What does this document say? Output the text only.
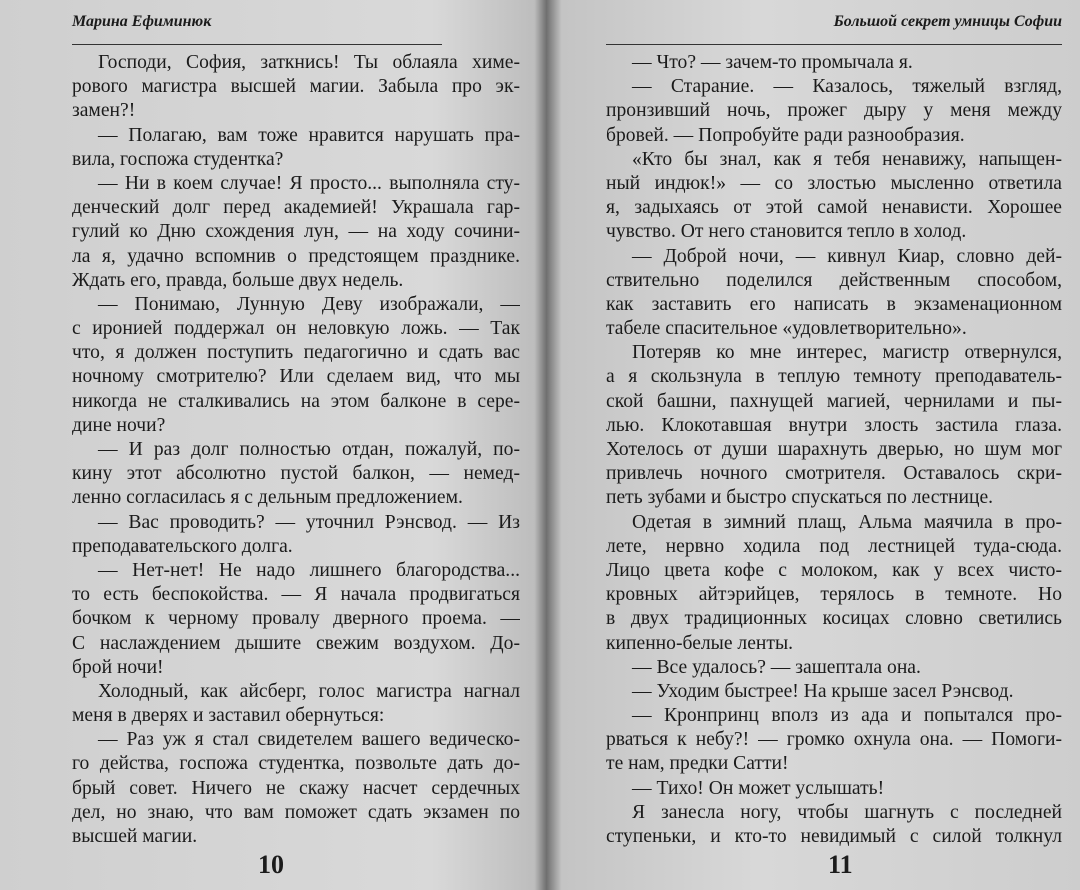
Марина Ефиминюк
Господи, София, заткнись! Ты облаяла химе-
рового магистра высшей магии. Забыла про эк-
замен?!
— Полагаю, вам тоже нравится нарушать пра-
вила, госпожа студентка?
— Ни в коем случае! Я просто... выполняла сту-
денческий долг перед академией! Украшала гар-
гулий ко Дню схождения лун, — на ходу сочини-
ла я, удачно вспомнив о предстоящем празднике.
Ждать его, правда, больше двух недель.
— Понимаю, Лунную Деву изображали, —
с иронией поддержал он неловкую ложь. — Так
что, я должен поступить педагогично и сдать вас
ночному смотрителю? Или сделаем вид, что мы
никогда не сталкивались на этом балконе в сере-
дине ночи?
— И раз долг полностью отдан, пожалуй, по-
кину этот абсолютно пустой балкон, — немед-
ленно согласилась я с дельным предложением.
— Вас проводить? — уточнил Рэнсвод. — Из
преподавательского долга.
— Нет-нет! Не надо лишнего благородства...
то есть беспокойства. — Я начала продвигаться
бочком к черному провалу дверного проема. —
С наслаждением дышите свежим воздухом. До-
брой ночи!
Холодный, как айсберг, голос магистра нагнал
меня в дверях и заставил обернуться:
— Раз уж я стал свидетелем вашего ведическо-
го действа, госпожа студентка, позвольте дать до-
брый совет. Ничего не скажу насчет сердечных
дел, но знаю, что вам поможет сдать экзамен по
высшей магии.
10
Большой секрет умницы Софии
— Что? — зачем-то промычала я.
— Старание. — Казалось, тяжелый взгляд,
пронзивший ночь, прожег дыру у меня между
бровей. — Попробуйте ради разнообразия.
«Кто бы знал, как я тебя ненавижу, напыщен-
ный индюк!» — со злостью мысленно ответила
я, задыхаясь от этой самой ненависти. Хорошее
чувство. От него становится тепло в холод.
— Доброй ночи, — кивнул Киар, словно дей-
ствительно поделился действенным способом,
как заставить его написать в экзаменационном
табеле спасительное «удовлетворительно».
Потеряв ко мне интерес, магистр отвернулся,
а я скользнула в теплую темноту преподаватель-
ской башни, пахнущей магией, чернилами и пы-
лью. Клокотавшая внутри злость застила глаза.
Хотелось от души шарахнуть дверью, но шум мог
привлечь ночного смотрителя. Оставалось скри-
петь зубами и быстро спускаться по лестнице.
Одетая в зимний плащ, Альма маячила в про-
лете, нервно ходила под лестницей туда-сюда.
Лицо цвета кофе с молоком, как у всех чисто-
кровных айтэрийцев, терялось в темноте. Но
в двух традиционных косицах словно светились
кипенно-белые ленты.
— Все удалось? — зашептала она.
— Уходим быстрее! На крыше засел Рэнсвод.
— Кронпринц вполз из ада и попытался про-
рваться к небу?! — громко охнула она. — Помоги-
те нам, предки Сатти!
— Тихо! Он может услышать!
Я занесла ногу, чтобы шагнуть с последней
ступеньки, и кто-то невидимый с силой толкнул
11
